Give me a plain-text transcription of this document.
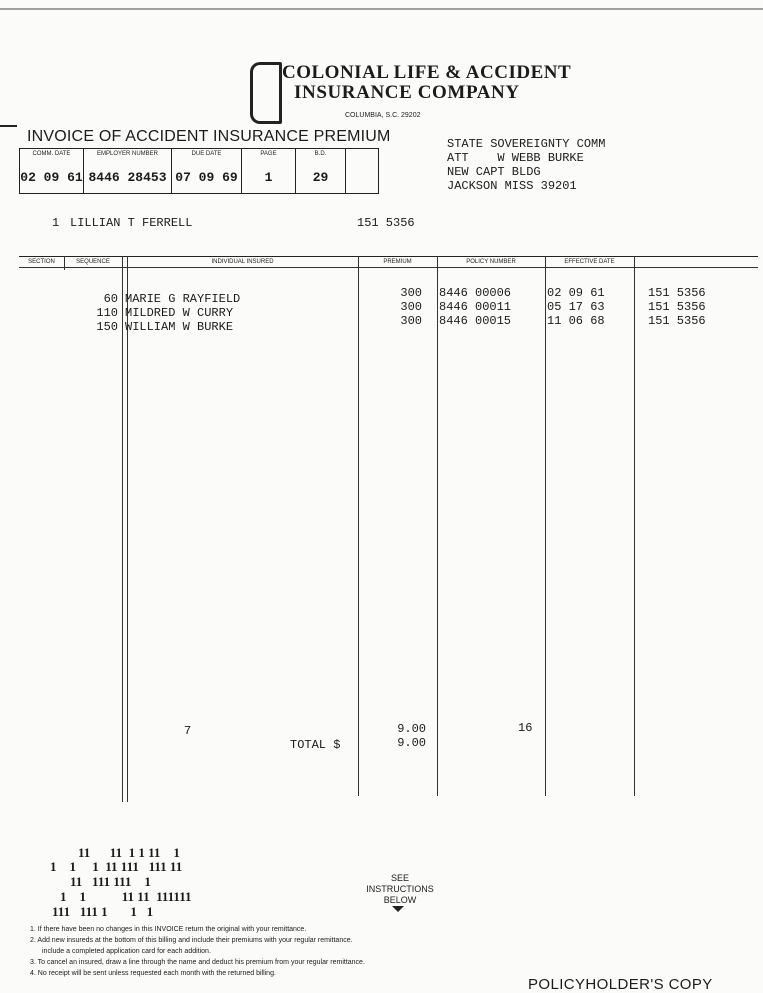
COLONIAL LIFE & ACCIDENT
INSURANCE COMPANY
COLUMBIA, S.C. 29202
INVOICE OF ACCIDENT INSURANCE PREMIUM
COMM. DATE
02 09 61
EMPLOYER NUMBER
8446 28453
DUE DATE
07 09 69
PAGE
1
B.D.
29
STATE SOVEREIGNTY COMM
ATT    W WEBB BURKE
NEW CAPT BLDG
JACKSON MISS 39201
1 LILLIAN T FERRELL	151 5356
SECTION	SEQUENCE	INDIVIDUAL INSURED	PREMIUM	POLICY NUMBER	EFFECTIVE DATE
60 MARIE G RAYFIELD	300 8446 00006	02 09 61	151 5356
110 MILDRED W CURRY	300 8446 00011	05 17 63	151 5356
150 WILLIAM W BURKE	300 8446 00015	11 06 68	151 5356
7	9.00	16
TOTAL $	9.00
11      11  1 1 11    1
1    1     1  11 111   111 11
11   111 111    1
1    1           11 11  111111
111   111 1       1   1
SEE
INSTRUCTIONS
BELOW
1. If there have been no changes in this INVOICE return the original with your remittance.
2. Add new insureds at the bottom of this billing and include their premiums with your regular remittance.
include a completed application card for each addition.
3. To cancel an insured, draw a line through the name and deduct his premium from your regular remittance.
4. No receipt will be sent unless requested each month with the returned billing.
POLICYHOLDER'S COPY
